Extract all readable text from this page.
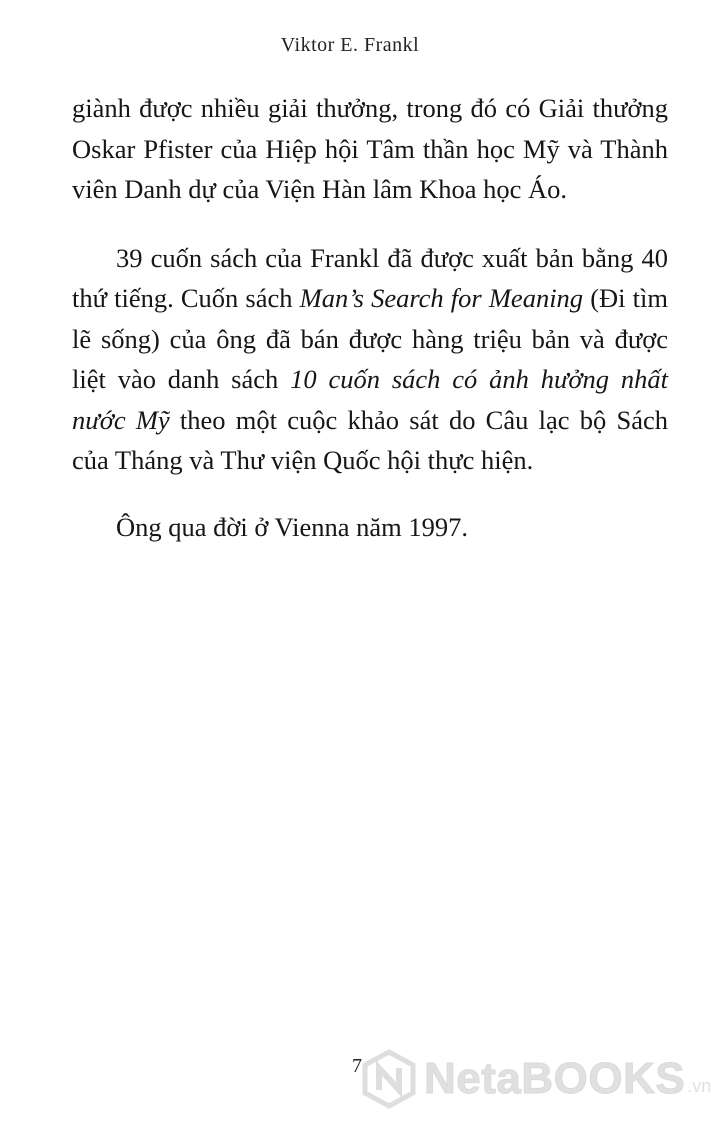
Viktor E. Frankl

giành được nhiều giải thưởng, trong đó có Giải thưởng Oskar Pfister của Hiệp hội Tâm thần học Mỹ và Thành viên Danh dự của Viện Hàn lâm Khoa học Áo.

39 cuốn sách của Frankl đã được xuất bản bằng 40 thứ tiếng. Cuốn sách Man’s Search for Meaning (Đi tìm lẽ sống) của ông đã bán được hàng triệu bản và được liệt vào danh sách 10 cuốn sách có ảnh hưởng nhất nước Mỹ theo một cuộc khảo sát do Câu lạc bộ Sách của Tháng và Thư viện Quốc hội thực hiện.

Ông qua đời ở Vienna năm 1997.

7 NetaBOOKS .vn
